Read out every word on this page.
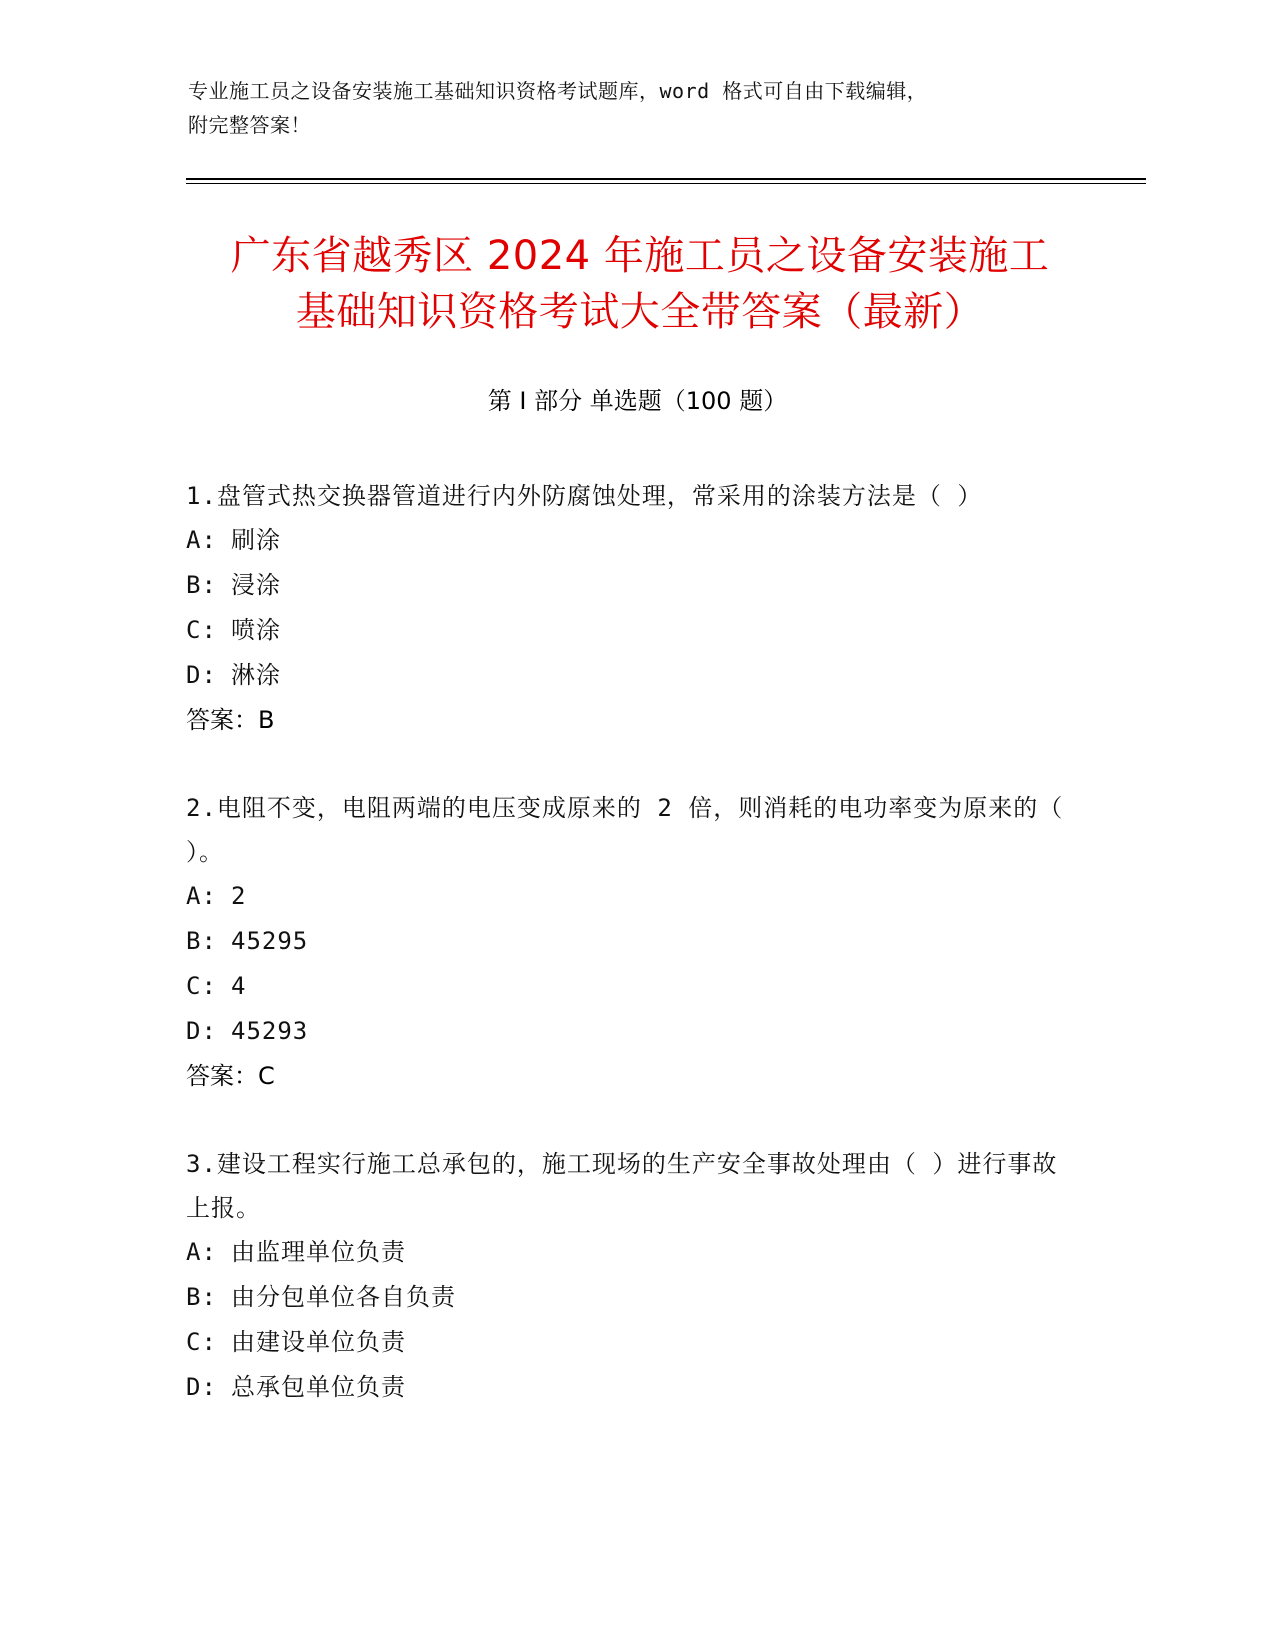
专业施工员之设备安装施工基础知识资格考试题库，word 格式可自由下载编辑，
附完整答案！
广东省越秀区 2024 年施工员之设备安装施工
基础知识资格考试大全带答案（最新）
第 I 部分 单选题（100 题）
1.盘管式热交换器管道进行内外防腐蚀处理，常采用的涂装方法是（ ）
A: 刷涂
B: 浸涂
C: 喷涂
D: 淋涂
答案：B
2.电阻不变，电阻两端的电压变成原来的 2 倍，则消耗的电功率变为原来的（ ）。
A: 2
B: 45295
C: 4
D: 45293
答案：C
3.建设工程实行施工总承包的，施工现场的生产安全事故处理由（ ）进行事故上报。
A: 由监理单位负责
B: 由分包单位各自负责
C: 由建设单位负责
D: 总承包单位负责
